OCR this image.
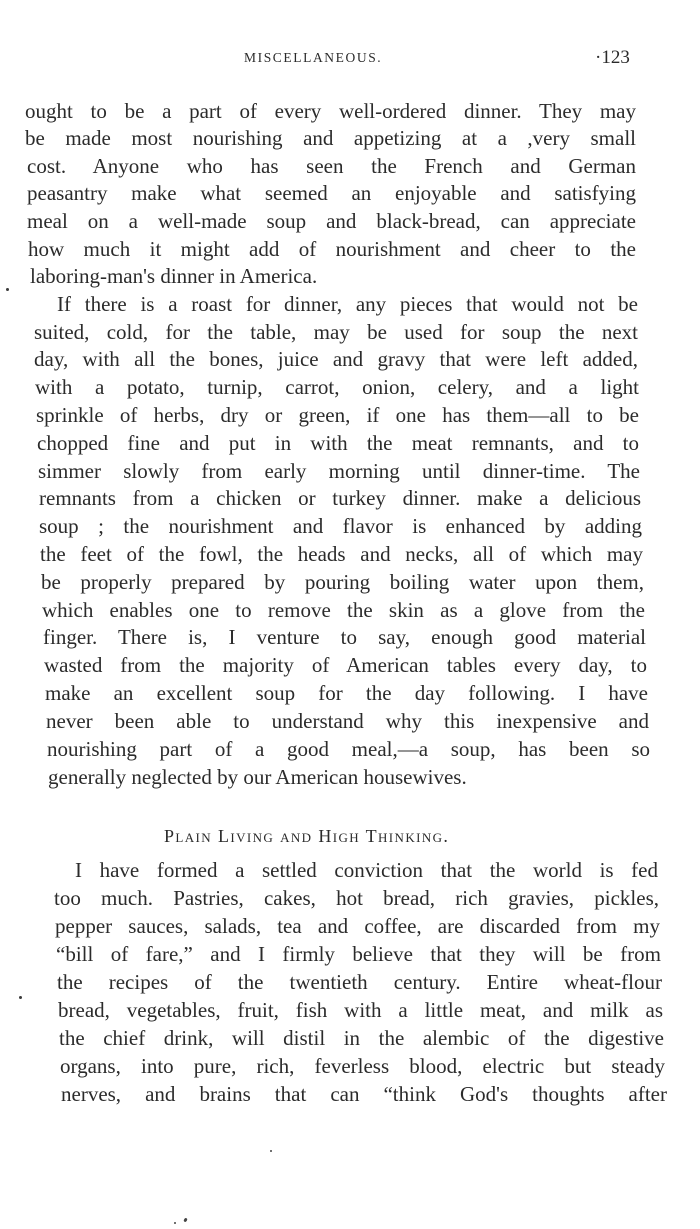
MISCELLANEOUS.	·123
ought to be a part of every well-ordered dinner. They may
be made most nourishing and appetizing at a ,very small
cost. Anyone who has seen the French and German
peasantry make what seemed an enjoyable and satisfying
meal on a well-made soup and black-bread, can appreciate
how much it might add of nourishment and cheer to the
laboring-man's dinner in America.
If there is a roast for dinner, any pieces that would not be
suited, cold, for the table, may be used for soup the next
day, with all the bones, juice and gravy that were left added,
with a potato, turnip, carrot, onion, celery, and a light
sprinkle of herbs, dry or green, if one has them—all to be
chopped fine and put in with the meat remnants, and to
simmer slowly from early morning until dinner-time. The
remnants from a chicken or turkey dinner. make a delicious
soup ; the nourishment and flavor is enhanced by adding
the feet of the fowl, the heads and necks, all of which may
be properly prepared by pouring boiling water upon them,
which enables one to remove the skin as a glove from the
finger. There is, I venture to say, enough good material
wasted from the majority of American tables every day, to
make an excellent soup for the day following. I have
never been able to understand why this inexpensive and
nourishing part of a good meal,—a soup, has been so
generally neglected by our American housewives.
Plain Living and High Thinking.
I have formed a settled conviction that the world is fed
too much. Pastries, cakes, hot bread, rich gravies, pickles,
pepper sauces, salads, tea and coffee, are discarded from my
“bill of fare,” and I firmly believe that they will be from
the recipes of the twentieth century. Entire wheat-flour
bread, vegetables, fruit, fish with a little meat, and milk as
the chief drink, will distil in the alembic of the digestive
organs, into pure, rich, feverless blood, electric but steady
nerves, and brains that can “think God's thoughts after
